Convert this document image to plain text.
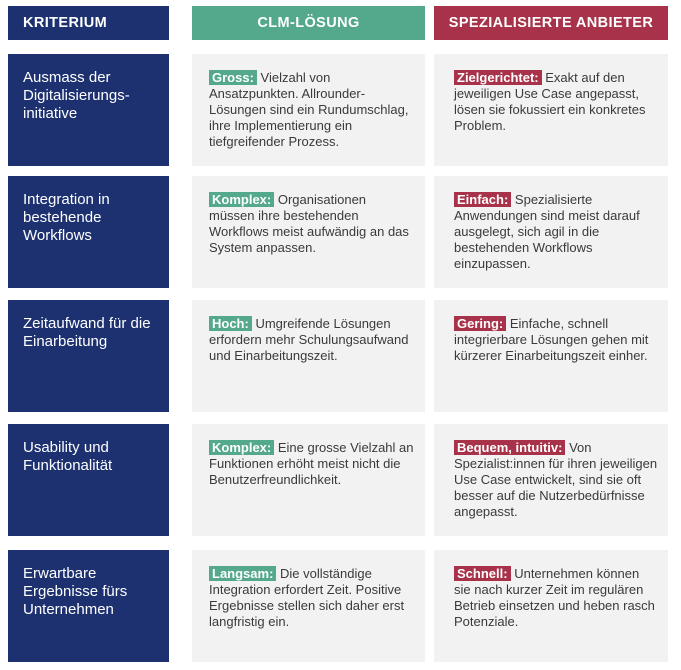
KRITERIUM	CLM-LÖSUNG	SPEZIALISIERTE ANBIETER
Ausmass der Digitalisierungs-initiative
Gross: Vielzahl von Ansatzpunkten. Allrounder-Lösungen sind ein Rundumschlag, ihre Implementierung ein tiefgreifender Prozess.
Zielgerichtet: Exakt auf den jeweiligen Use Case angepasst, lösen sie fokussiert ein konkretes Problem.
Integration in bestehende Workflows
Komplex: Organisationen müssen ihre bestehenden Workflows meist aufwändig an das System anpassen.
Einfach: Spezialisierte Anwendungen sind meist darauf ausgelegt, sich agil in die bestehenden Workflows einzupassen.
Zeitaufwand für die Einarbeitung
Hoch: Umgreifende Lösungen erfordern mehr Schulungsaufwand und Einarbeitungszeit.
Gering: Einfache, schnell integrierbare Lösungen gehen mit kürzerer Einarbeitungszeit einher.
Usability und Funktionalität
Komplex: Eine grosse Vielzahl an Funktionen erhöht meist nicht die Benutzerfreundlichkeit.
Bequem, intuitiv: Von Spezialist:innen für ihren jeweiligen Use Case entwickelt, sind sie oft besser auf die Nutzerbedürfnisse angepasst.
Erwartbare Ergebnisse fürs Unternehmen
Langsam: Die vollständige Integration erfordert Zeit. Positive Ergebnisse stellen sich daher erst langfristig ein.
Schnell: Unternehmen können sie nach kurzer Zeit im regulären Betrieb einsetzen und heben rasch Potenziale.
